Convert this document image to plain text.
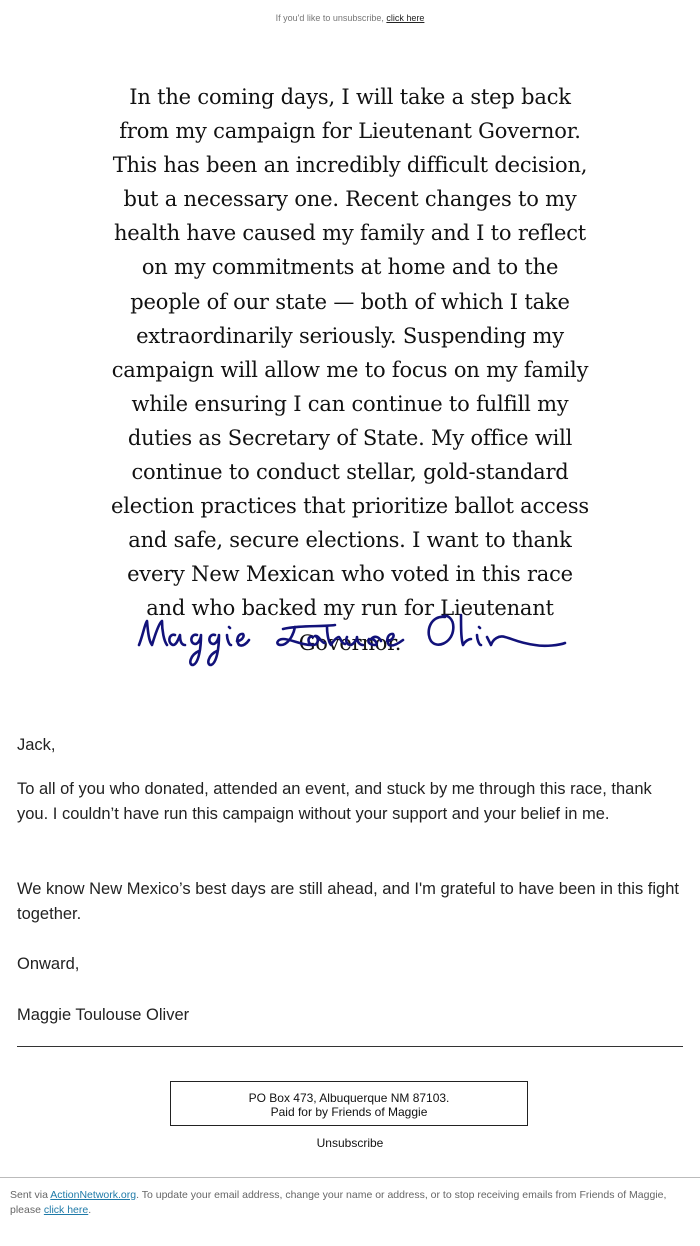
If you'd like to unsubscribe, click here
In the coming days, I will take a step back from my campaign for Lieutenant Governor. This has been an incredibly difficult decision, but a necessary one. Recent changes to my health have caused my family and I to reflect on my commitments at home and to the people of our state — both of which I take extraordinarily seriously. Suspending my campaign will allow me to focus on my family while ensuring I can continue to fulfill my duties as Secretary of State. My office will continue to conduct stellar, gold-standard election practices that prioritize ballot access and safe, secure elections. I want to thank every New Mexican who voted in this race and who backed my run for Lieutenant Governor.
Jack,
To all of you who donated, attended an event, and stuck by me through this race, thank you. I couldn’t have run this campaign without your support and your belief in me.
We know New Mexico’s best days are still ahead, and I'm grateful to have been in this fight together.
Onward,
Maggie Toulouse Oliver
PO Box 473, Albuquerque NM 87103.
Paid for by Friends of Maggie
Unsubscribe
Sent via ActionNetwork.org. To update your email address, change your name or address, or to stop receiving emails from Friends of Maggie, please click here.
